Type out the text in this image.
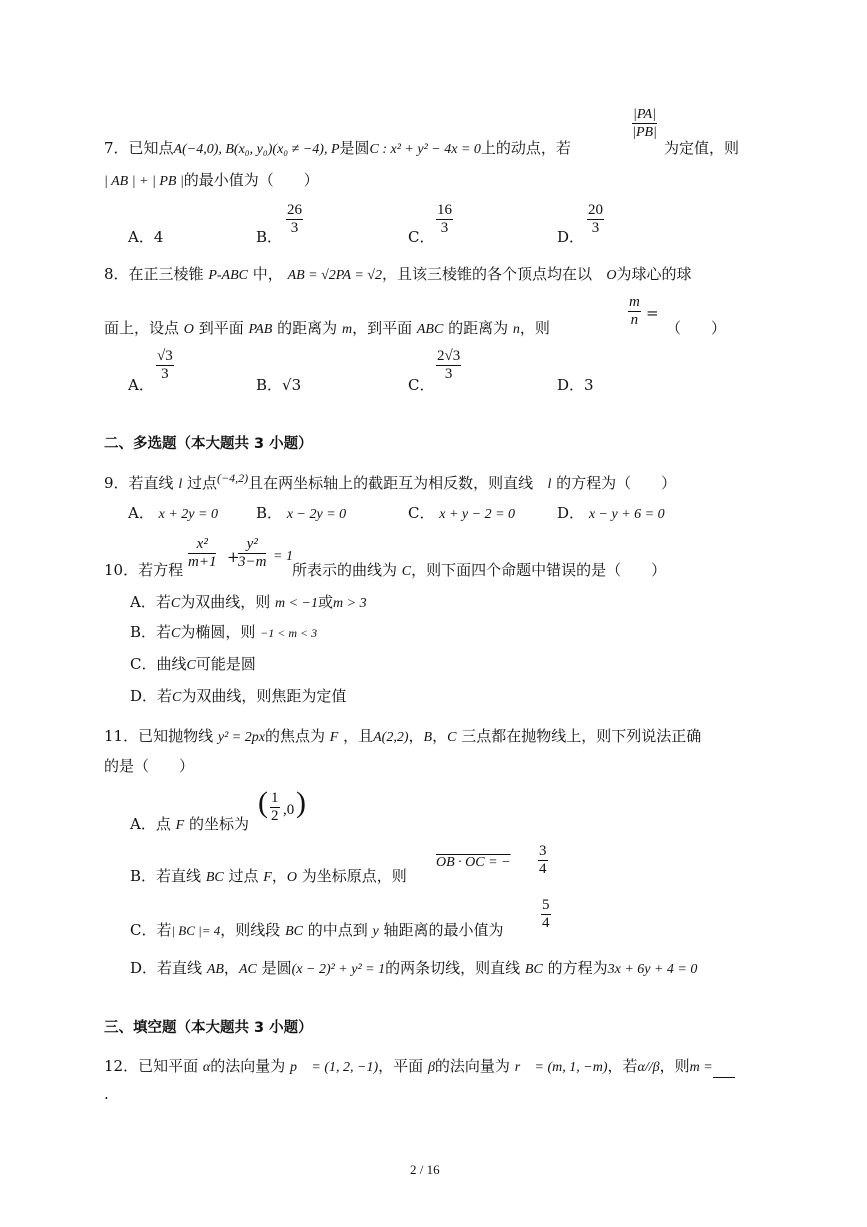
7．已知点A(−4,0), B(x₀, y₀)(x₀ ≠ −4), P是圆C : x² + y² − 4x = 0上的动点，若
$\frac{|PA|}{|PB|}$
为定值，则
| AB | + | PB |的最小值为（　　）
A．4	B． $\frac{26}{3}$	C． $\frac{16}{3}$	D． $\frac{20}{3}$
8．在正三棱锥 P-ABC 中， AB = √2PA = √2，且该三棱锥的各个顶点均在以 O为球心的球
面上，设点 O 到平面 PAB 的距离为 m，到平面 ABC 的距离为 n，则	$\frac{m}{n}$ =
（　　）
A．
$\frac{√3}{3}$
B．√3	C．
$\frac{2√3}{3}$
D．3
二、多选题（本大题共 3 小题）
9．若直线 l 过点$^{(-4,2)}$且在两坐标轴上的截距互为相反数，则直线 l 的方程为（　　）
A． x + 2y = 0	B． x − 2y = 0	C． x + y − 2 = 0	D． x − y + 6 = 0
10．若方程 $\frac{\text{x²}}{m+1}$ +
$\frac{\text{y²}}{3-m} = 1$
所表示的曲线为 C，则下面四个命题中错误的是（　　）
A．若C为双曲线，则 m < −1或m > 3
B．若C为椭圆，则 −1 < m < 3
C．曲线C可能是圆
D．若C为双曲线，则焦距为定值
11．已知抛物线 y² = 2px的焦点为 F ，且A(2,2)，B，C 三点都在抛物线上，则下列说法正确
的是（　　）
A．点 F 的坐标为
( $\frac{1}{2} ,0$ )
B．若直线 BC 过点 F，O 为坐标原点，则
OB · OC = − $\frac{3}{4}$
C．若| BC |= 4，则线段 BC 的中点到 y 轴距离的最小值为 $\frac{5}{4}$
D．若直线 AB，AC 是圆(x − 2)² + y² = 1的两条切线，则直线 BC 的方程为3x + 6y + 4 = 0
三、填空题（本大题共 3 小题）
12．已知平面 α的法向量为 p⃗ = (1, 2, −1)，平面 β的法向量为 r⃗ = (m, 1, −m)，若α//β，则m =
.
2 / 16
